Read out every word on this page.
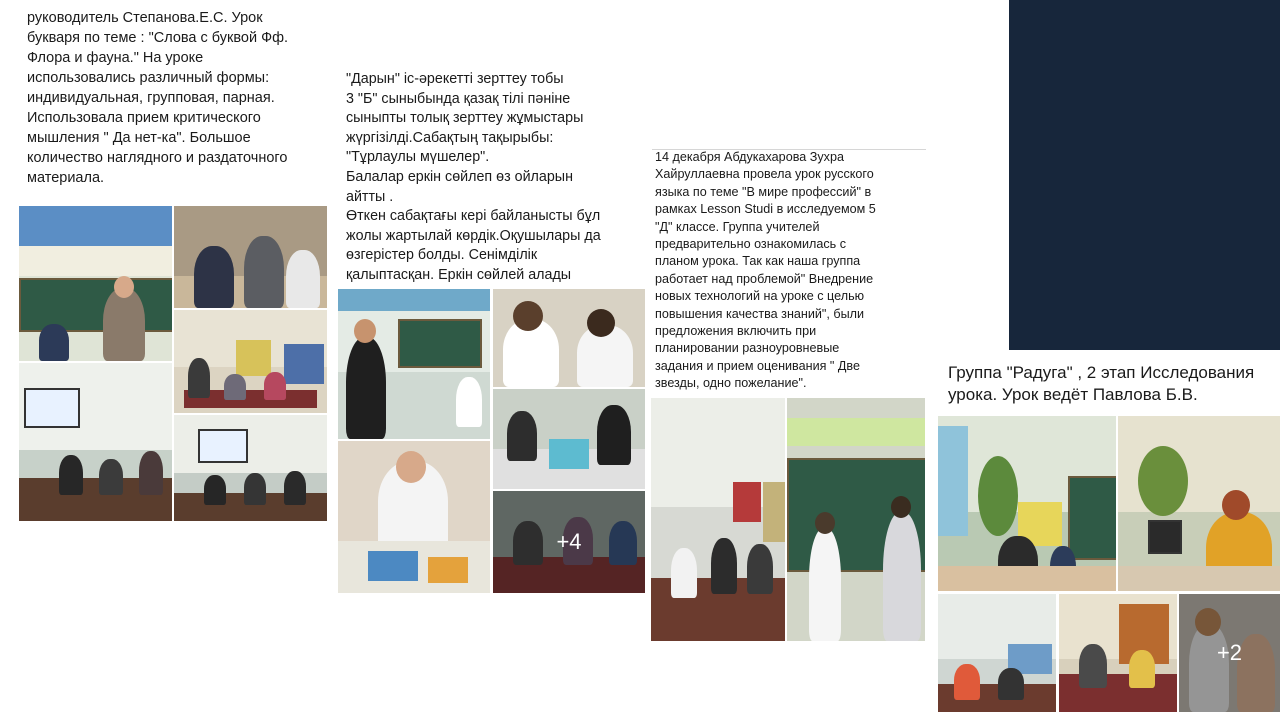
руководитель Степанова.Е.С. Урок
букваря по теме : "Слова с буквой Фф.
Флора и фауна." На уроке
использовались различный формы:
индивидуальная, групповая, парная.
Использовала прием критического
мышления " Да нет-ка". Большое
количество наглядного и раздаточного
материала.

"Дарын" іс-әрекетті зерттеу тобы
3 "Б" сыныбында қазақ тілі пәніне
сыныпты толық зерттеу жұмыстары
жүргізілді.Сабақтың тақырыбы:
"Тұрлаулы мүшелер".
Балалар еркін сөйлеп өз ойларын
айтты .
Өткен сабақтағы кері байланысты бұл
жолы жартылай көрдік.Оқушылары да
өзгерістер болды. Сенімділік
қалыптасқан. Еркін сөйлей алады

+4

14 декабря Абдукахарова Зухра
Хайруллаевна провела урок русского
языка по теме "В мире профессий" в
рамках Lesson Studi в исследуемом 5
"Д" классе. Группа учителей
предварительно ознакомилась с
планом урока. Так как наша группа
работает над проблемой" Внедрение
новых технологий на уроке с целью
повышения качества знаний", были
предложения включить при
планировании разноуровневые
задания и прием оценивания " Две
звезды, одно пожелание".

Группа "Радуга" , 2 этап Исследования
урока. Урок ведёт Павлова Б.В.

+2
